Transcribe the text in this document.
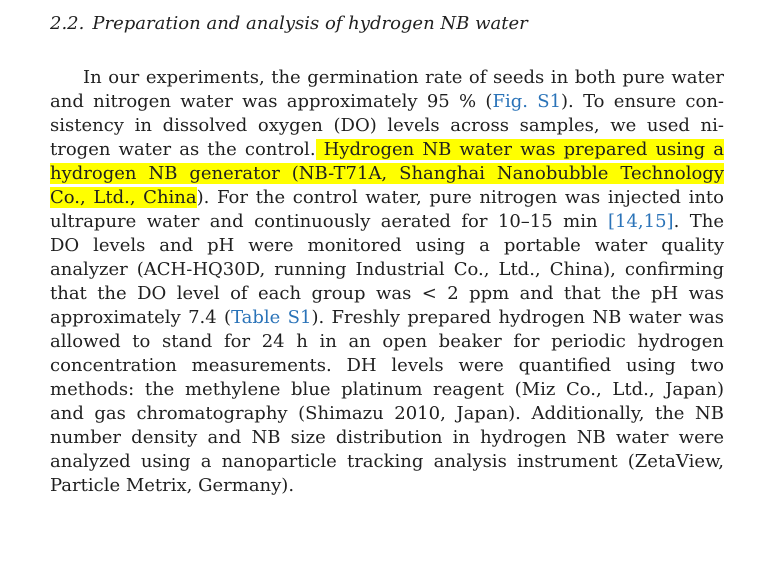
2.2. Preparation and analysis of hydrogen NB water
In our experiments, the germination rate of seeds in both pure water
and nitrogen water was approximately 95 % (Fig. S1). To ensure con-
sistency in dissolved oxygen (DO) levels across samples, we used ni-
trogen water as the control. Hydrogen NB water was prepared using a
hydrogen NB generator (NB-T71A, Shanghai Nanobubble Technology
Co., Ltd., China). For the control water, pure nitrogen was injected into
ultrapure water and continuously aerated for 10–15 min [14,15]. The
DO levels and pH were monitored using a portable water quality
analyzer (ACH-HQ30D, running Industrial Co., Ltd., China), confirming
that the DO level of each group was < 2 ppm and that the pH was
approximately 7.4 (Table S1). Freshly prepared hydrogen NB water was
allowed to stand for 24 h in an open beaker for periodic hydrogen
concentration measurements. DH levels were quantified using two
methods: the methylene blue platinum reagent (Miz Co., Ltd., Japan)
and gas chromatography (Shimazu 2010, Japan). Additionally, the NB
number density and NB size distribution in hydrogen NB water were
analyzed using a nanoparticle tracking analysis instrument (ZetaView,
Particle Metrix, Germany).
